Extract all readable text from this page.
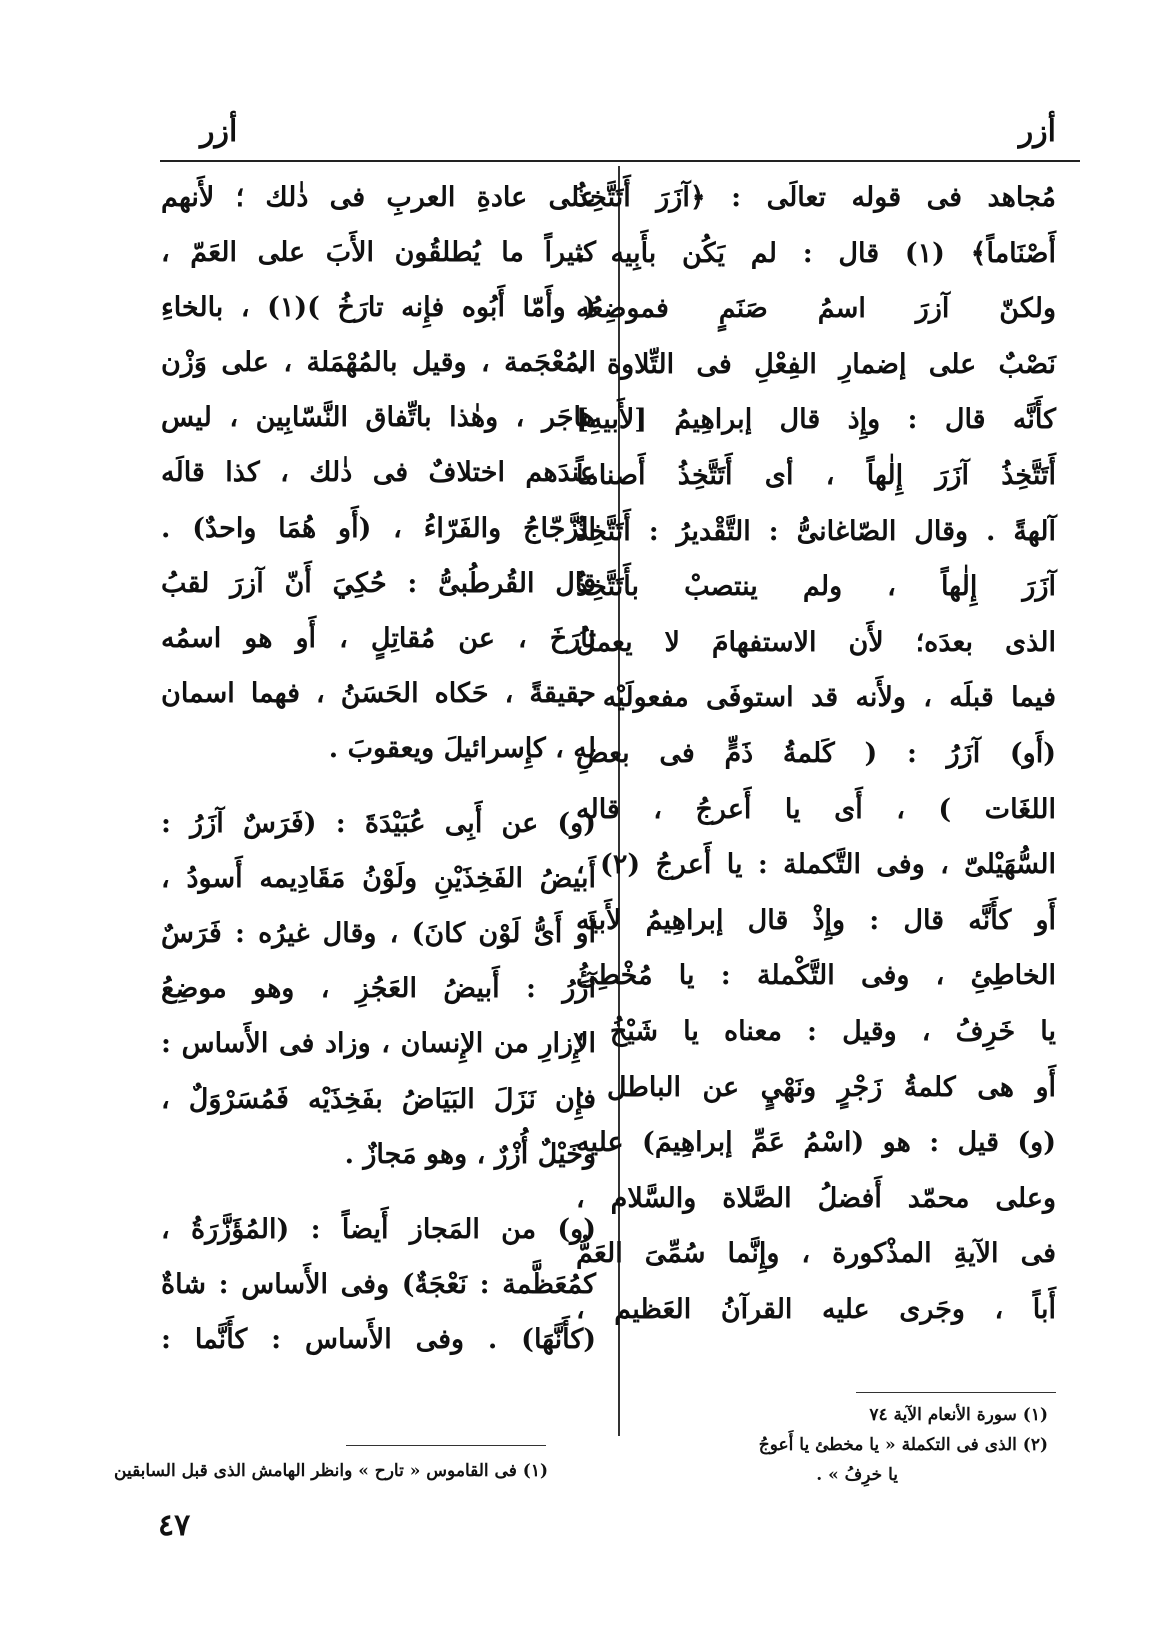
أزر
أزر
مُجاهد فى قوله تعالَى : ﴿آزَرَ أَتَتَّخِذُ
أَصْنَاماً﴾ (١) قال : لم يَكُن بأَبِيه ،
ولكنّ آزرَ اسمُ صَنَمٍ فموضِعُه
نَصْبٌ على إضمارِ الفِعْلِ فى التِّلاوة ،
كأَنَّه قال : وإِذ قال إبراهِيمُ [لأَبيهِ]
أَتَتَّخِذُ آزَرَ إِلٰهاً ، أى أَتَتَّخِذُ أَصناماً
آلهةً . وقال الصّاغانىُّ : التَّقْديرُ : أَتَتَّخِذُ
آزَرَ إِلٰهاً ، ولم ينتصبْ بأَتَتَّخِذُ
الذى بعدَه؛ لأَن الاستفهامَ لا يعملُ
فيما قبلَه ، ولأَنه قد استوفَى مفعولَيْه .
(أَو) آزَرُ : ( كَلمةُ ذَمٍّ فى بعضِ
اللغَات ) ، أَى يا أَعرجُ ، قاله
السُّهَيْلىّ ، وفى التَّكملة : يا أَعرجُ (٢) ،
أَو كأَنَّه قال : وإِذْ قال إبراهِيمُ لأَبيه
الخاطِئِ ، وفى التَّكْملة : يا مُخْطِئُ
يا خَرِفُ ، وقيل : معناه يا شَيْخُ ،
أَو هى كلمةُ زَجْرٍ ونَهْيٍ عن الباطل .
(و) قيل : هو (اسْمُ عَمِّ إبراهِيمَ) عليه
وعلى محمّد أَفضلُ الصَّلاة والسَّلام ،
فى الآيةِ المذْكورة ، وإِنَّما سُمِّىَ العَمُّ
أَباً ، وجَرى عليه القرآنُ العَظيم ،
(١) سورة الأنعام الآية ٧٤
(٢) الذى فى التكملة « يا مخطئ يا أَعوجُ
يا خرِفُ » .
على عادةِ العربِ فى ذٰلك ؛ لأَنهم
كثيراً ما يُطلقُون الأَبَ على العَمّ ،
( وأَمّا أَبُوه فإِنه تارَخُ )(١) ، بالخاءِ
المُعْجَمة ، وقيل بالمُهْمَلة ، على وَزْن
هاجَر ، وهٰذا باتِّفاق النَّسّابِين ، ليس
عندَهم اختلافٌ فى ذٰلك ، كذا قالَه
الزَّجّاجُ والفَرّاءُ ، (أَو هُمَا واحدٌ) .
قال القُرطُبىُّ : حُكِيَ أَنّ آزرَ لقبُ
تارَخَ ، عن مُقاتِلٍ ، أَو هو اسمُه
حقيقةً ، حَكاه الحَسَنُ ، فهما اسمان
له ، كإِسرائيلَ ويعقوبَ .
(و) عن أَبِى عُبَيْدَةَ : (فَرَسٌ آزَرُ :
أَبيضُ الفَخِذَيْنِ ولَوْنُ مَقَادِيمه أَسودُ ،
أَو أَىُّ لَوْن كانَ) ، وقال غيرُه : فَرَسٌ
آزَرُ : أَبيضُ العَجُزِ ، وهو موضِعُ
الإِزارِ من الإِنسان ، وزاد فى الأَساس :
فإِن نَزَلَ البَيَاضُ بفَخِذَيْه فَمُسَرْوَلٌ ،
وخَيْلٌ أُزْرٌ ، وهو مَجازٌ .
(و) من المَجاز أَيضاً : (المُؤَزَّرَةُ ،
كمُعَظَّمة : نَعْجَةٌ) وفى الأَساس : شاةٌ
(كأَنَّهَا) . وفى الأَساس : كأَنَّما :
(١) فى القاموس « تارح » وانظر الهامش الذى قبل السابقين
٤٧
